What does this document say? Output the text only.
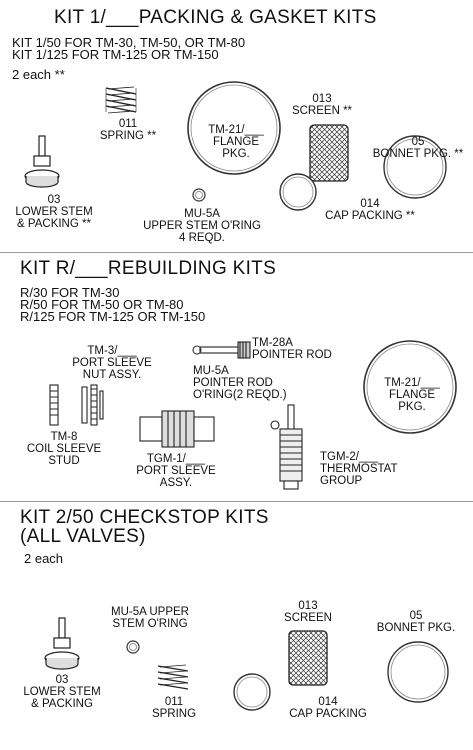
KIT 1/___PACKING & GASKET KITS
KIT 1/50 FOR TM-30, TM-50, OR TM-80
KIT 1/125 FOR TM-125 OR TM-150
2 each **
011
SPRING **	TM-21/___
FLANGE
PKG.
013
SCREEN **
05
BONNET PKG. **
03
LOWER STEM
& PACKING **
MU-5A
UPPER STEM O'RING
4 REQD.
014
CAP PACKING **
KIT R/___REBUILDING KITS
R/30 FOR TM-30
R/50 FOR TM-50 OR TM-80
R/125 FOR TM-125 OR TM-150
TM-3/___
PORT SLEEVE
NUT ASSY.
TM-28A
POINTER ROD
MU-5A
POINTER ROD
O'RING(2 REQD.)
TM-21/___
FLANGE
PKG.
TM-8
COIL SLEEVE
STUD	TGM-1/___
PORT SLEEVE
ASSY.
TGM-2/___
THERMOSTAT
GROUP
KIT 2/50 CHECKSTOP KITS
(ALL VALVES)
2 each
MU-5A UPPER
STEM O'RING
013
SCREEN	05
BONNET PKG.
03
LOWER STEM
& PACKING	011
SPRING
014
CAP PACKING
